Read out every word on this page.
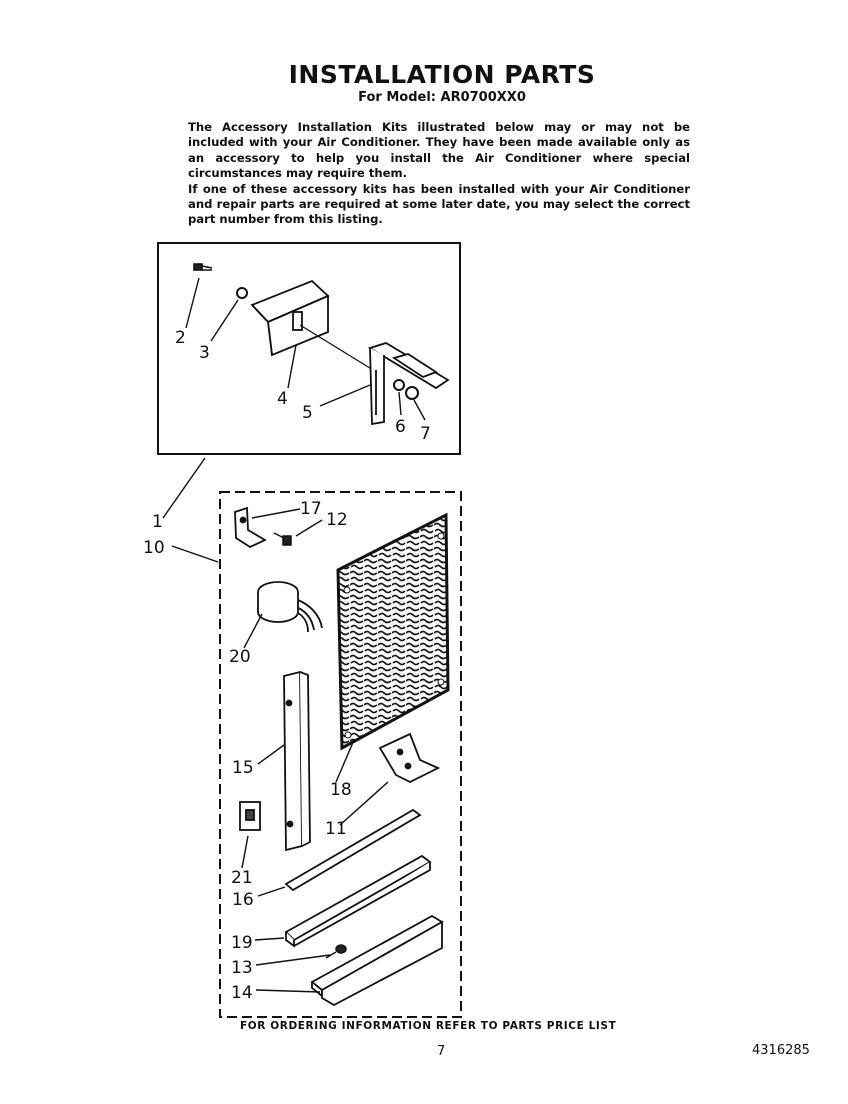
INSTALLATION PARTS
For Model: AR0700XX0

The Accessory Installation Kits illustrated below may or may not be included with your Air Conditioner. They have been made available only as an accessory to help you install the Air Conditioner where special circumstances may require them.

If one of these accessory kits has been installed with your Air Conditioner and repair parts are required at some later date, you may select the correct part number from this listing.

2
3
4
5
6 7
1
10
17
12
20
15
18
11
21
16
19
13
14
FOR ORDERING INFORMATION REFER TO PARTS PRICE LIST
7	4316285
